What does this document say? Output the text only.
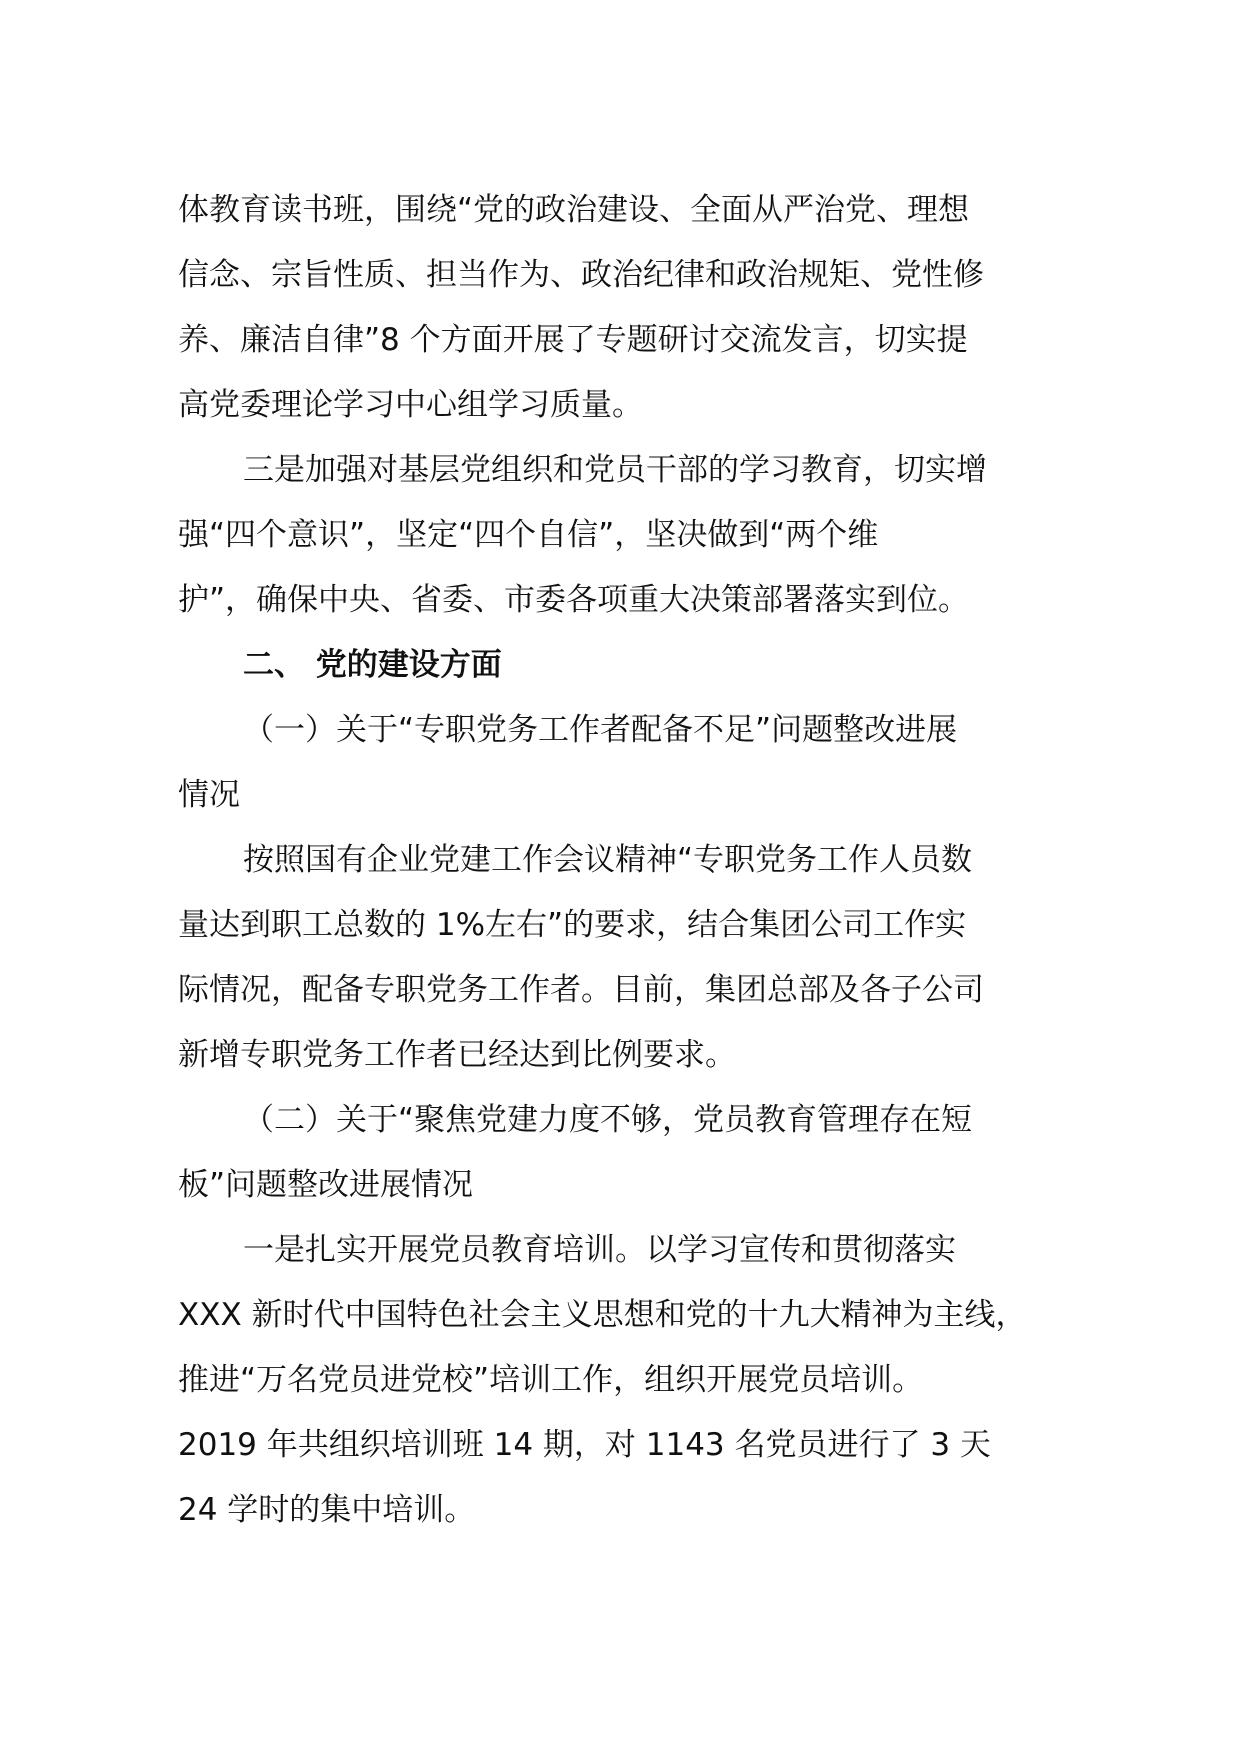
体教育读书班，围绕“党的政治建设、全面从严治党、理想

信念、宗旨性质、担当作为、政治纪律和政治规矩、党性修

养、廉洁自律”8 个方面开展了专题研讨交流发言，切实提

高党委理论学习中心组学习质量。

三是加强对基层党组织和党员干部的学习教育，切实增

强“四个意识”，坚定“四个自信”，坚决做到“两个维

护”，确保中央、省委、市委各项重大决策部署落实到位。

二、 党的建设方面

（一）关于“专职党务工作者配备不足”问题整改进展

情况

按照国有企业党建工作会议精神“专职党务工作人员数

量达到职工总数的 1%左右”的要求，结合集团公司工作实

际情况，配备专职党务工作者。目前，集团总部及各子公司

新增专职党务工作者已经达到比例要求。

（二）关于“聚焦党建力度不够，党员教育管理存在短

板”问题整改进展情况

一是扎实开展党员教育培训。以学习宣传和贯彻落实

XXX 新时代中国特色社会主义思想和党的十九大精神为主线，

推进“万名党员进党校”培训工作，组织开展党员培训。

2019 年共组织培训班 14 期，对 1143 名党员进行了 3 天

24 学时的集中培训。
